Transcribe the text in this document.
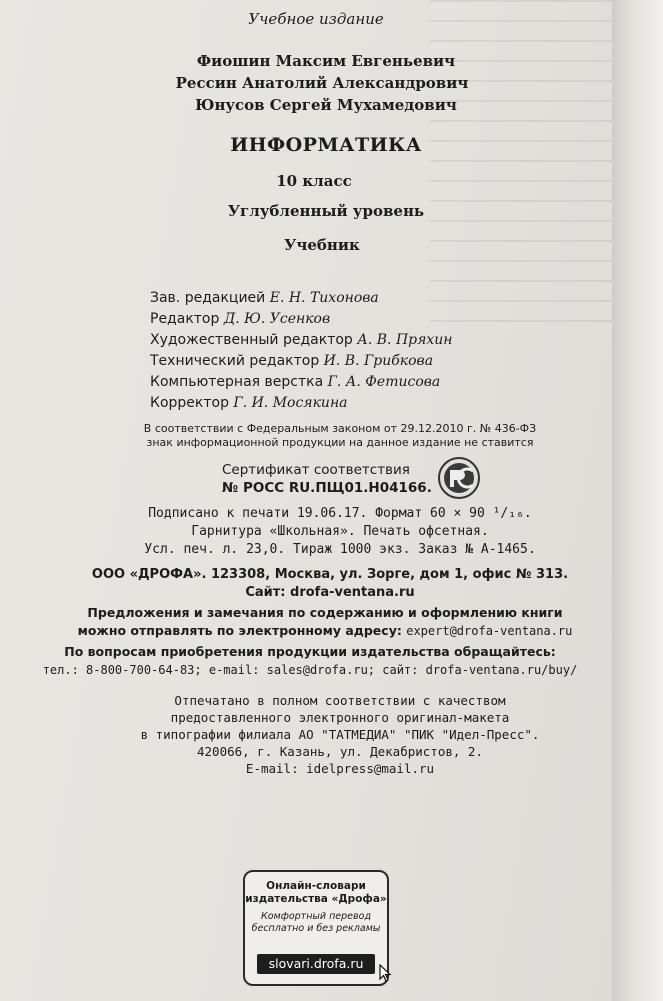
Учебное издание
Фиошин Максим Евгеньевич
Рессин Анатолий Александрович
Юнусов Сергей Мухамедович
ИНФОРМАТИКА
10 класс
Углубленный уровень
Учебник
Зав. редакцией Е. Н. Тихонова
Редактор Д. Ю. Усенков
Художественный редактор А. В. Пряхин
Технический редактор И. В. Грибкова
Компьютерная верстка Г. А. Фетисова
Корректор Г. И. Мосякина
В соответствии с Федеральным законом от 29.12.2010 г. № 436-ФЗ
знак информационной продукции на данное издание не ставится
Сертификат соответствия
№ РОСС RU.ПЩ01.Н04166.
Подписано к печати 19.06.17. Формат 60 × 90 ¹/₁₆.
Гарнитура «Школьная». Печать офсетная.
Усл. печ. л. 23,0. Тираж 1000 экз. Заказ № А-1465.
ООО «ДРОФА». 123308, Москва, ул. Зорге, дом 1, офис № 313.
Сайт: drofa-ventana.ru
Предложения и замечания по содержанию и оформлению книги
можно отправлять по электронному адресу: expert@drofa-ventana.ru
По вопросам приобретения продукции издательства обращайтесь:
тел.: 8-800-700-64-83; e-mail: sales@drofa.ru; сайт: drofa-ventana.ru/buy/
Отпечатано в полном соответствии с качеством
предоставленного электронного оригинал-макета
в типографии филиала АО "ТАТМЕДИА" "ПИК "Идел-Пресс".
420066, г. Казань, ул. Декабристов, 2.
E-mail: idelpress@mail.ru
Онлайн-словари
издательства «Дрофа»
Комфортный перевод
бесплатно и без рекламы
slovari.drofa.ru
